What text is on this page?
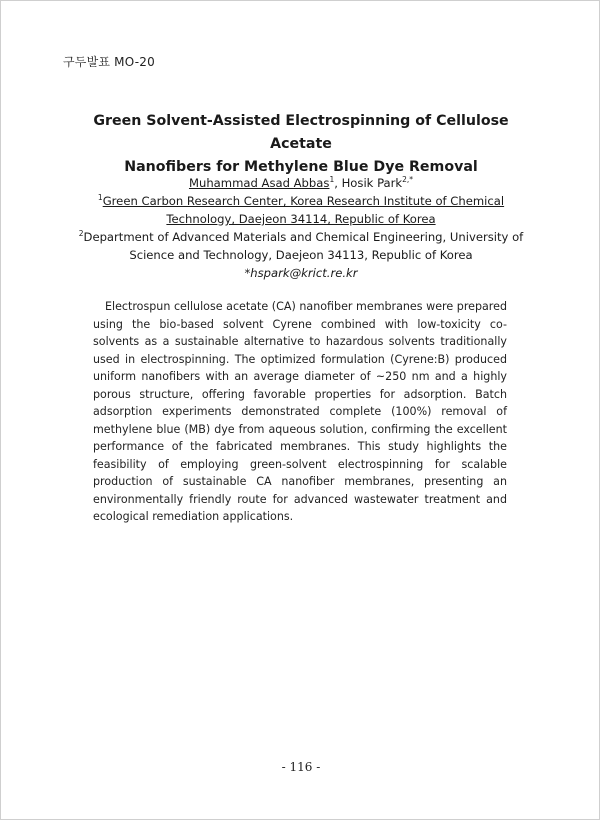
구두발표 MO-20
Green Solvent-Assisted Electrospinning of Cellulose Acetate
Nanofibers for Methylene Blue Dye Removal
Muhammad Asad Abbas$^1$, Hosik Park$^{2,*}$
$^1$Green Carbon Research Center, Korea Research Institute of Chemical
Technology, Daejeon 34114, Republic of Korea
$^2$Department of Advanced Materials and Chemical Engineering, University of
Science and Technology, Daejeon 34113, Republic of Korea
*hspark@krict.re.kr

Electrospun cellulose acetate (CA) nanofiber membranes were prepared using the bio-based solvent Cyrene combined with low-toxicity co-solvents as a sustainable alternative to hazardous solvents traditionally used in electrospinning. The optimized formulation (Cyrene:B) produced uniform nanofibers with an average diameter of ~250 nm and a highly porous structure, offering favorable properties for adsorption. Batch adsorption experiments demonstrated complete (100%) removal of methylene blue (MB) dye from aqueous solution, confirming the excellent performance of the fabricated membranes. This study highlights the feasibility of employing green-solvent electrospinning for scalable production of sustainable CA nanofiber membranes, presenting an environmentally friendly route for advanced wastewater treatment and ecological remediation applications.

- 116 -
